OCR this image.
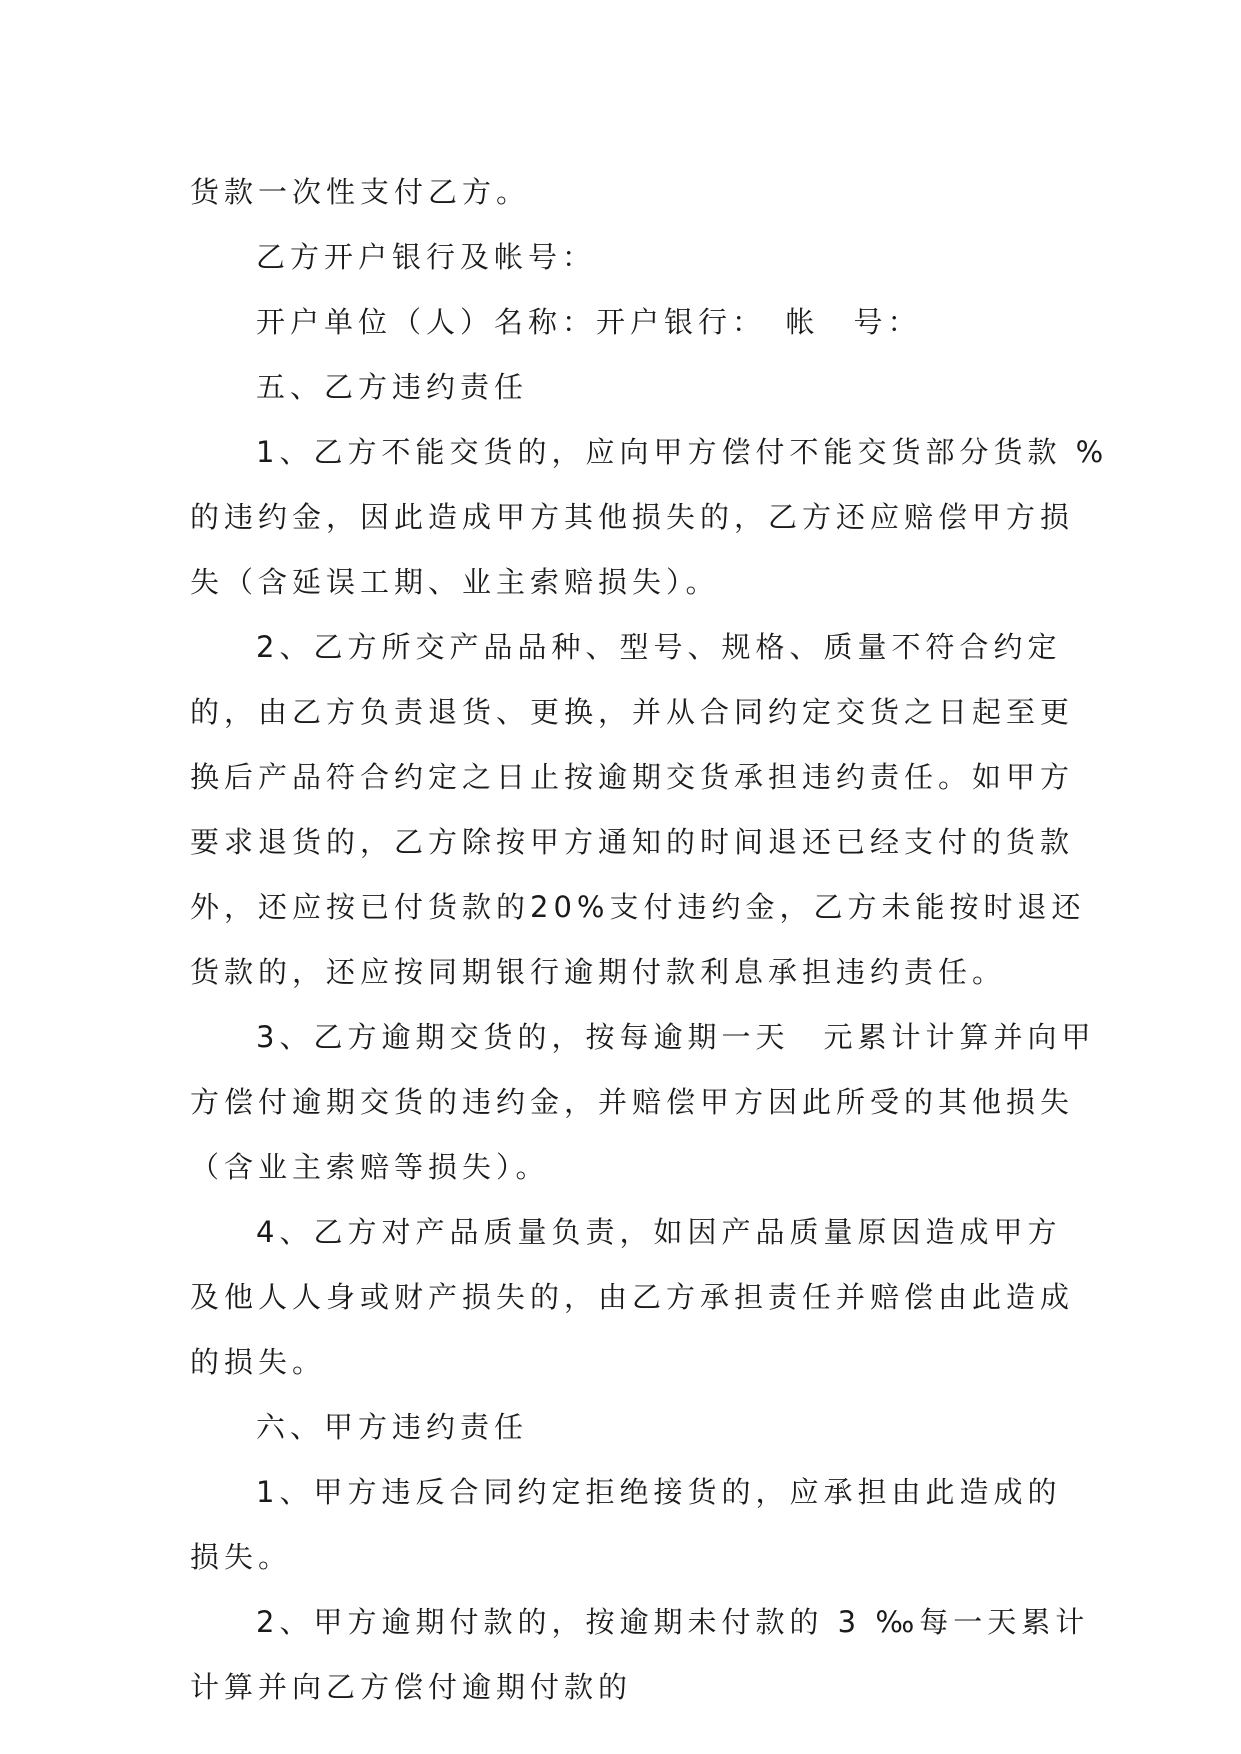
货款一次性支付乙方。
乙方开户银行及帐号：
开户单位（人）名称：开户银行：　帐　号：
五、乙方违约责任
1、乙方不能交货的，应向甲方偿付不能交货部分货款 %
的违约金，因此造成甲方其他损失的，乙方还应赔偿甲方损
失（含延误工期、业主索赔损失）。
2、乙方所交产品品种、型号、规格、质量不符合约定
的，由乙方负责退货、更换，并从合同约定交货之日起至更
换后产品符合约定之日止按逾期交货承担违约责任。如甲方
要求退货的，乙方除按甲方通知的时间退还已经支付的货款
外，还应按已付货款的20%支付违约金，乙方未能按时退还
货款的，还应按同期银行逾期付款利息承担违约责任。
3、乙方逾期交货的，按每逾期一天　元累计计算并向甲
方偿付逾期交货的违约金，并赔偿甲方因此所受的其他损失
（含业主索赔等损失）。
4、乙方对产品质量负责，如因产品质量原因造成甲方
及他人人身或财产损失的，由乙方承担责任并赔偿由此造成
的损失。
六、甲方违约责任
1、甲方违反合同约定拒绝接货的，应承担由此造成的
损失。
2、甲方逾期付款的，按逾期未付款的 3 ‰每一天累计
计算并向乙方偿付逾期付款的
